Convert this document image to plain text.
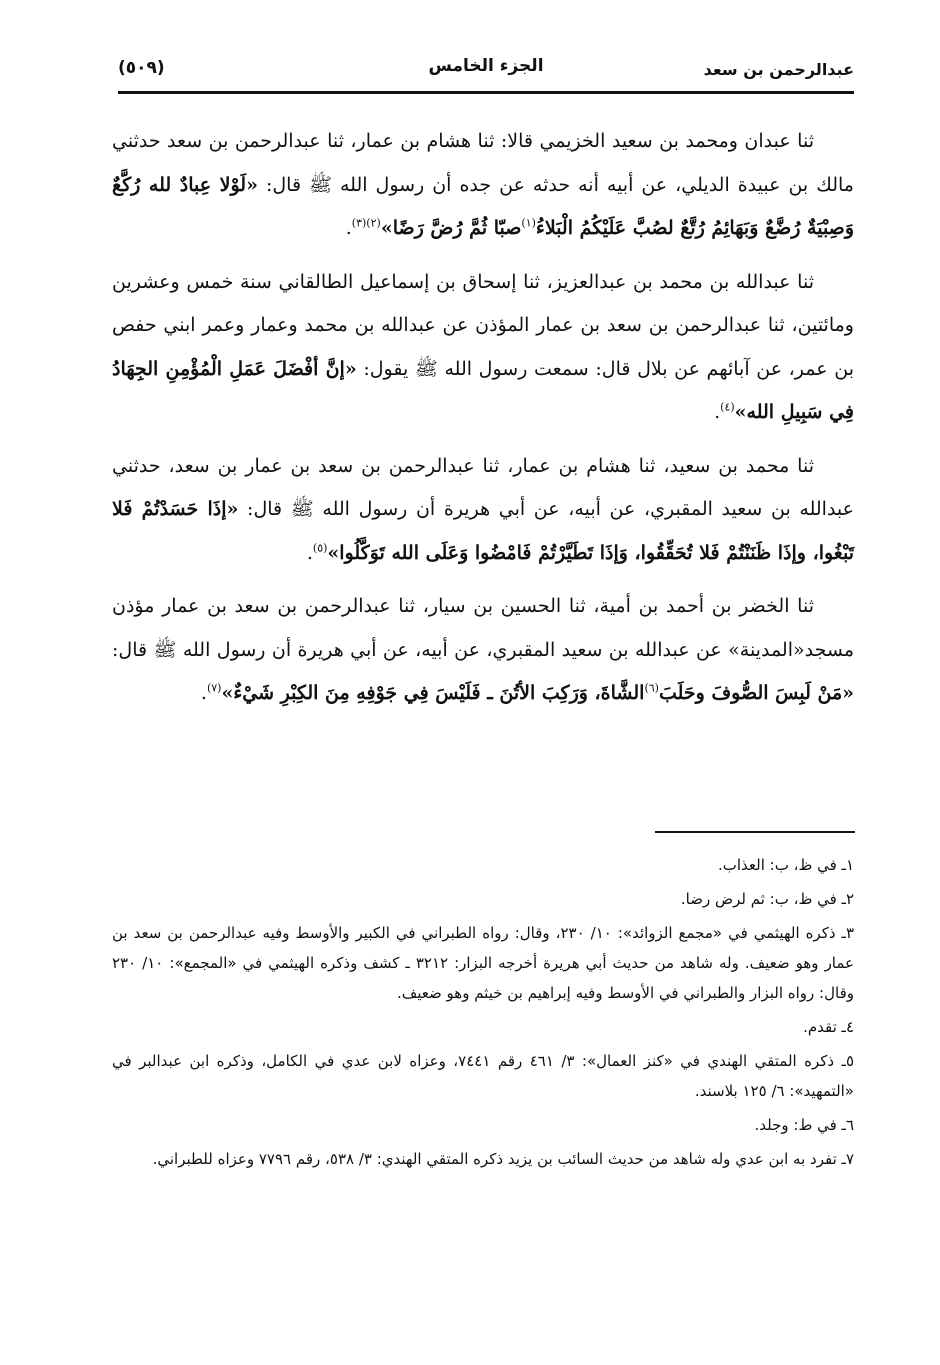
عبدالرحمن بن سعد
الجزء الخامس
(٥٠٩)

ثنا عبدان ومحمد بن سعيد الخزيمي قالا: ثنا هشام بن عمار، ثنا عبدالرحمن بن سعد حدثني مالك بن عبيدة الديلي، عن أبيه أنه حدثه عن جده أن رسول الله ﷺ قال: «لَوْلا عِبادٌ لله رُكَّعٌ وَصِبْيَةٌ رُضَّعٌ وَبَهَائِمُ رُتَّعٌ لصُبَّ عَلَيْكُمُ الْبَلاءُ$^{(١)}$صبّا ثُمَّ رُضَّ رَضًا»$^{(٢)(٣)}$.

ثنا عبدالله بن محمد بن عبدالعزيز، ثنا إسحاق بن إسماعيل الطالقاني سنة خمس وعشرين ومائتين، ثنا عبدالرحمن بن سعد بن عمار المؤذن عن عبدالله بن محمد وعمار وعمر ابني حفص بن عمر، عن آبائهم عن بلال قال: سمعت رسول الله ﷺ يقول: «إنَّ أفْضَلَ عَمَلِ الْمُؤْمِنِ الجِهَادُ فِي سَبِيلِ الله»$^{(٤)}$.

ثنا محمد بن سعيد، ثنا هشام بن عمار، ثنا عبدالرحمن بن سعد بن عمار بن سعد، حدثني عبدالله بن سعيد المقبري، عن أبيه، عن أبي هريرة أن رسول الله ﷺ قال: «إذَا حَسَدْتُمْ فَلا تَبْغُوا، وإذَا ظَنَنْتُمْ فَلا تُحَقِّقُوا، وَإذَا تَطَيَّرْتُمْ فَامْضُوا وَعَلَى الله تَوَكَّلُوا»$^{(٥)}$.

ثنا الخضر بن أحمد بن أمية، ثنا الحسين بن سيار، ثنا عبدالرحمن بن سعد بن عمار مؤذن مسجد«المدينة» عن عبدالله بن سعيد المقبري، عن أبيه، عن أبي هريرة أن رسول الله ﷺ قال: «مَنْ لَبِسَ الصُّوفَ وحَلَبَ$^{(٦)}$الشَّاةَ، وَرَكِبَ الأتُنَ ـ فَلَيْسَ فِي جَوْفِهِ مِنَ الكِبْرِ شَيْءٌ»$^{(٧)}$.

١ـ في ظ، ب: العذاب.
٢ـ في ظ، ب: ثم لرض رضا.
٣ـ ذكره الهيثمي في «مجمع الزوائد»: ١٠/ ٢٣٠، وقال: رواه الطبراني في الكبير والأوسط وفيه عبدالرحمن بن سعد بن عمار وهو ضعيف. وله شاهد من حديث أبي هريرة أخرجه البزار: ٣٢١٢ ـ كشف وذكره الهيثمي في «المجمع»: ١٠/ ٢٣٠ وقال: رواه البزار والطبراني في الأوسط وفيه إبراهيم بن خيثم وهو ضعيف.
٤ـ تقدم.
٥ـ ذكره المتقي الهندي في «كنز العمال»: ٣/ ٤٦١ رقم ٧٤٤١، وعزاه لابن عدي في الكامل، وذكره ابن عبدالبر في «التمهيد»: ٦/ ١٢٥ بلاسند.
٦ـ في ط: وجلد.
٧ـ تفرد به ابن عدي وله شاهد من حديث السائب بن يزيد ذكره المتقي الهندي: ٣/ ٥٣٨، رقم ٧٧٩٦ وعزاه للطبراني.
